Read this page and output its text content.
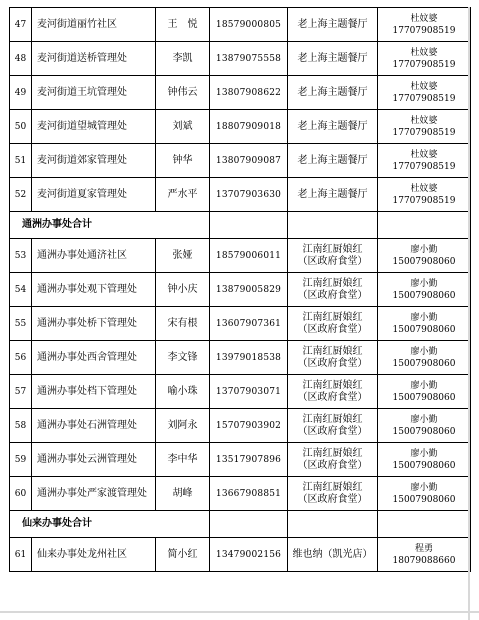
47	麦河街道丽竹社区	王　悦	18579000805	老上海主题餐厅	杜妏婆
17707908519
48	麦河街道送桥管理处	李凯	13879075558	老上海主题餐厅	杜妏婆
17707908519
49	麦河街道王坑管理处	钟伟云	13807908622	老上海主题餐厅	杜妏婆
17707908519
50	麦河街道望城管理处	刘斌	18807909018	老上海主题餐厅	杜妏婆
17707908519
51	麦河街道郊家管理处	钟华	13807909087	老上海主题餐厅	杜妏婆
17707908519
52	麦河街道夏家管理处	严水平	13707903630	老上海主题餐厅	杜妏婆
17707908519
通洲办事处合计					
53	通洲办事处通济社区	张娅	18579006011	江南红厨娘红
（区政府食堂）	廖小勤
15007908060
54	通洲办事处观下管理处	钟小庆	13879005829	江南红厨娘红
（区政府食堂）	廖小勤
15007908060
55	通洲办事处桥下管理处	宋有根	13607907361	江南红厨娘红
（区政府食堂）	廖小勤
15007908060
56	通洲办事处西舍管理处	李文锋	13979018538	江南红厨娘红
（区政府食堂）	廖小勤
15007908060
57	通洲办事处档下管理处	喻小珠	13707903071	江南红厨娘红
（区政府食堂）	廖小勤
15007908060
58	通洲办事处石洲管理处	刘阿永	15707903902	江南红厨娘红
（区政府食堂）	廖小勤
15007908060
59	通洲办事处云洲管理处	李中华	13517907896	江南红厨娘红
（区政府食堂）	廖小勤
15007908060
60	通洲办事处严家渡管理处	胡峰	13667908851	江南红厨娘红
（区政府食堂）	廖小勤
15007908060
仙来办事处合计					
61	仙来办事处龙州社区	简小红	13479002156	维也纳（凯光店）	程勇
18079088660
